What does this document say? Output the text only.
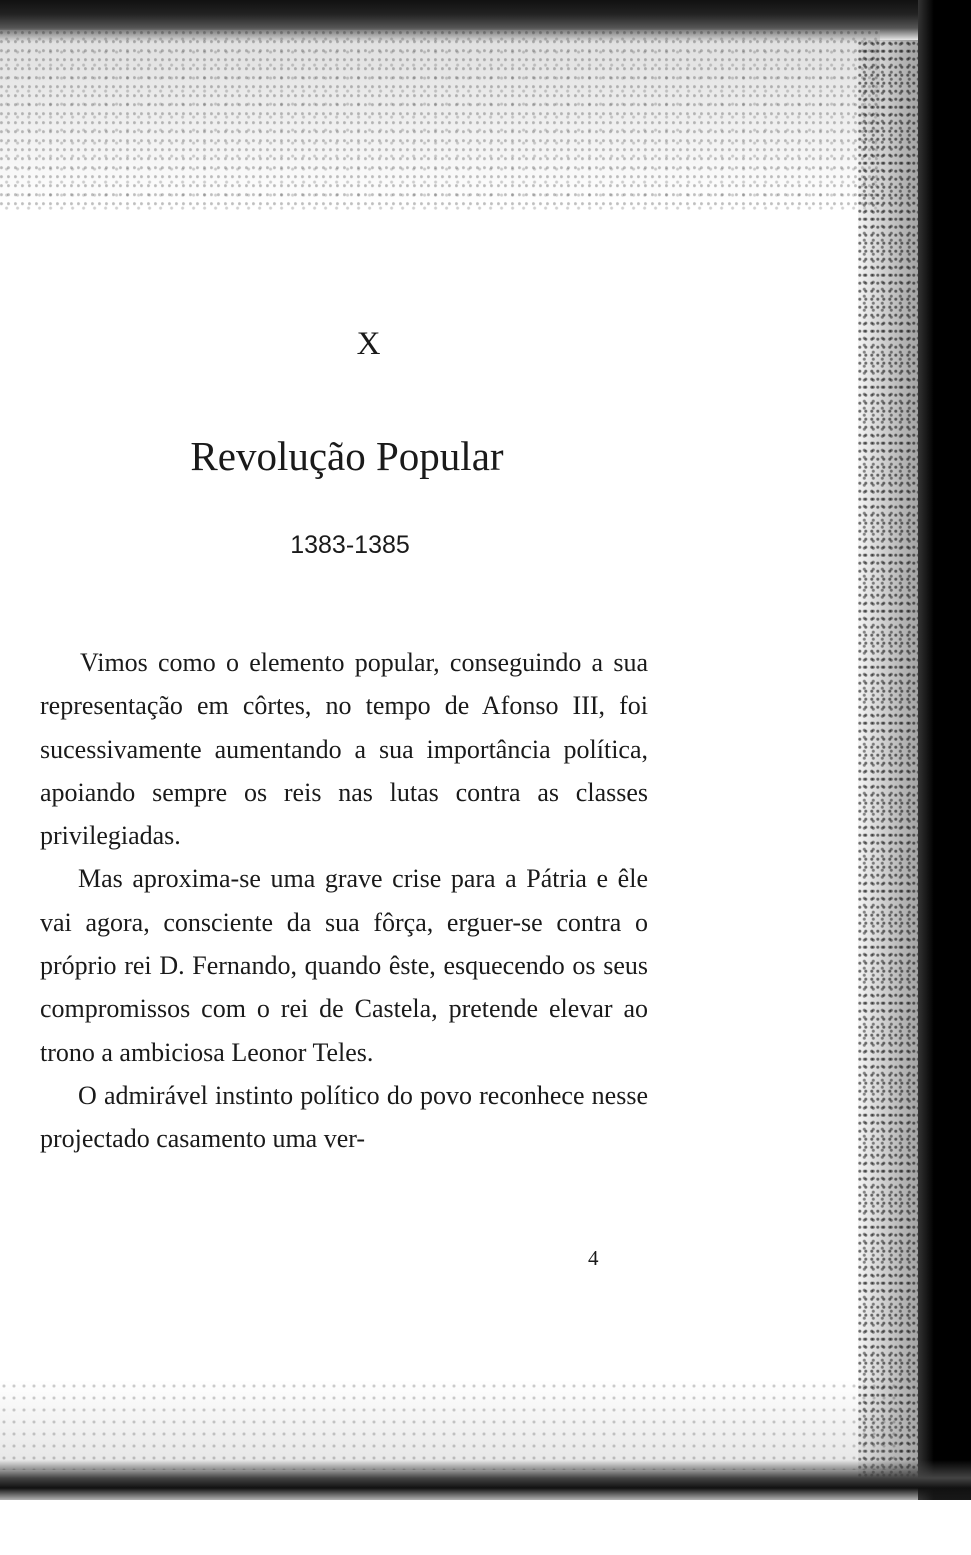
X
Revolução Popular
1383-1385

Vimos como o elemento popular, conseguindo a sua representação em côrtes, no tempo de Afonso III, foi sucessivamente aumentando a sua importância política, apoiando sempre os reis nas lutas contra as classes privilegiadas.

Mas aproxima-se uma grave crise para a Pátria e êle vai agora, consciente da sua fôrça, erguer-se contra o próprio rei D. Fernando, quando êste, esquecendo os seus compromissos com o rei de Castela, pretende elevar ao trono a ambiciosa Leonor Teles.

O admirável instinto político do povo reconhece nesse projectado casamento uma ver-

4
